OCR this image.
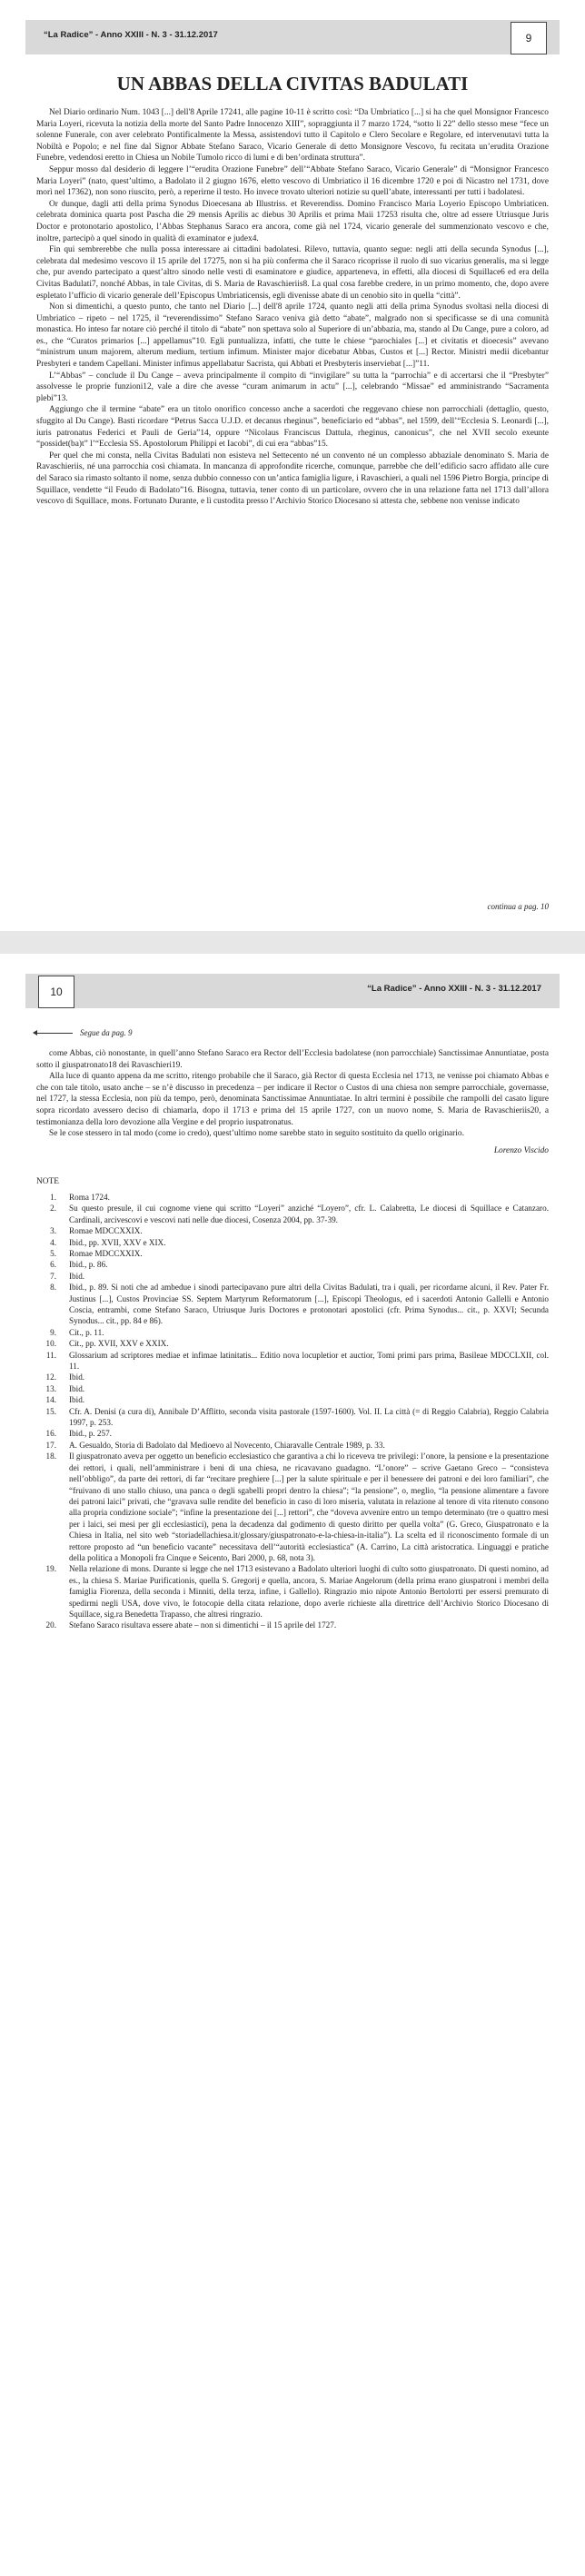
“La Radice” - Anno XXIII - N. 3 - 31.12.2017	9
UN ABBAS DELLA CIVITAS BADULATI

Nel Diario ordinario Num. 1043 [...] dell'8 Aprile 17241, alle pagine 10-11 è scritto così: “Da Umbriatico [...] si ha che quel Monsignor Francesco Maria Loyeri, ricevuta la notizia della morte del Santo Padre Innocenzo XIII”, sopraggiunta il 7 marzo 1724, “sotto li 22” dello stesso mese “fece un solenne Funerale, con aver celebrato Pontificalmente la Messa, assistendovi tutto il Capitolo e Clero Secolare e Regolare, ed intervenutavi tutta la Nobiltà e Popolo; e nel fine dal Signor Abbate Stefano Saraco, Vicario Generale di detto Monsignore Vescovo, fu recitata un’erudita Orazione Funebre, vedendosi eretto in Chiesa un Nobile Tumolo ricco di lumi e di ben’ordinata struttura”.

Seppur mosso dal desiderio di leggere l’“erudita Orazione Funebre” dell’“Abbate Stefano Saraco, Vicario Generale” di “Monsignor Francesco Maria Loyeri” (nato, quest’ultimo, a Badolato il 2 giugno 1676, eletto vescovo di Umbriatico il 16 dicembre 1720 e poi di Nicastro nel 1731, dove morì nel 17362), non sono riuscito, però, a reperirne il testo. Ho invece trovato ulteriori notizie su quell’abate, interessanti per tutti i badolatesi.

Or dunque, dagli atti della prima Synodus Dioecesana ab Illustriss. et Reverendiss. Domino Francisco Maria Loyerio Episcopo Umbriaticen. celebrata dominica quarta post Pascha die 29 mensis Aprilis ac diebus 30 Aprilis et prima Maii 17253 risulta che, oltre ad essere Utriusque Juris Doctor e protonotario apostolico, l’Abbas Stephanus Saraco era ancora, come già nel 1724, vicario generale del summenzionato vescovo e che, inoltre, partecipò a quel sinodo in qualità di examinator e judex4.

Fin qui sembrerebbe che nulla possa interessare ai cittadini badolatesi. Rilevo, tuttavia, quanto segue: negli atti della secunda Synodus [...], celebrata dal medesimo vescovo il 15 aprile del 17275, non si ha più conferma che il Saraco ricoprisse il ruolo di suo vicarius generalis, ma si legge che, pur avendo partecipato a quest’altro sinodo nelle vesti di esaminatore e giudice, apparteneva, in effetti, alla diocesi di Squillace6 ed era della Civitas Badulati7, nonché Abbas, in tale Civitas, di S. Maria de Ravaschieriis8. La qual cosa farebbe credere, in un primo momento, che, dopo avere espletato l’ufficio di vicario generale dell’Episcopus Umbriaticensis, egli divenisse abate di un cenobio sito in quella “città”.

Non si dimentichi, a questo punto, che tanto nel Diario [...] dell'8 aprile 1724, quanto negli atti della prima Synodus svoltasi nella diocesi di Umbriatico – ripeto – nel 1725, il “reverendissimo” Stefano Saraco veniva già detto “abate”, malgrado non si specificasse se di una comunità monastica. Ho inteso far notare ciò perché il titolo di “abate” non spettava solo al Superiore di un’abbazia, ma, stando al Du Cange, pure a coloro, ad es., che “Curatos primarios [...] appellamus”10. Egli puntualizza, infatti, che tutte le chiese “parochiales [...] et civitatis et dioecesis” avevano “ministrum unum majorem, alterum medium, tertium infimum. Minister major dicebatur Abbas, Custos et [...] Rector. Ministri medii dicebantur Presbyteri e tandem Capellani. Minister infimus appellabatur Sacrista, qui Abbati et Presbyteris inserviebat [...]”11.

L’“Abbas” – conclude il Du Cange – aveva principalmente il compito di “invigilare” su tutta la “parrochia” e di accertarsi che il “Presbyter” assolvesse le proprie funzioni12, vale a dire che avesse “curam animarum in actu” [...], celebrando “Missae” ed amministrando “Sacramenta plebi”13.

Aggiungo che il termine “abate” era un titolo onorifico concesso anche a sacerdoti che reggevano chiese non parrocchiali (dettaglio, questo, sfuggito al Du Cange). Basti ricordare “Petrus Sacca U.J.D. et decanus rheginus”, beneficiario ed “abbas”, nel 1599, dell’“Ecclesia S. Leonardi [...], iuris patronatus Federici et Pauli de Geria”14, oppure “Nicolaus Franciscus Dattula, rheginus, canonicus”, che nel XVII secolo exeunte “possidet(ba)t” l’“Ecclesia SS. Apostolorum Philippi et Iacobi”, di cui era “abbas”15.

Per quel che mi consta, nella Civitas Badulati non esisteva nel Settecento né un convento né un complesso abbaziale denominato S. Maria de Ravaschieriis, né una parrocchia così chiamata. In mancanza di approfondite ricerche, comunque, parrebbe che dell’edificio sacro affidato alle cure del Saraco sia rimasto soltanto il nome, senza dubbio connesso con un’antica famiglia ligure, i Ravaschieri, a quali nel 1596 Pietro Borgia, principe di Squillace, vendette “il Feudo di Badolato”16. Bisogna, tuttavia, tener conto di un particolare, ovvero che in una relazione fatta nel 1713 dall’allora vescovo di Squillace, mons. Fortunato Durante, e lì custodita presso l’Archivio Storico Diocesano si attesta che, sebbene non venisse indicato

continua a pag. 10
10	“La Radice” - Anno XXIII - N. 3 - 31.12.2017
Segue da pag. 9

come Abbas, ciò nonostante, in quell’anno Stefano Saraco era Rector dell’Ecclesia badolatese (non parrocchiale) Sanctissimae Annuntiatae, posta sotto il giuspatronato18 dei Ravaschieri19.

Alla luce di quanto appena da me scritto, ritengo probabile che il Saraco, già Rector di questa Ecclesia nel 1713, ne venisse poi chiamato Abbas e che con tale titolo, usato anche – se n’è discusso in precedenza – per indicare il Rector o Custos di una chiesa non sempre parrocchiale, governasse, nel 1727, la stessa Ecclesia, non più da tempo, però, denominata Sanctissimae Annuntiatae. In altri termini è possibile che rampolli del casato ligure sopra ricordato avessero deciso di chiamarla, dopo il 1713 e prima del 15 aprile 1727, con un nuovo nome, S. Maria de Ravaschieriis20, a testimonianza della loro devozione alla Vergine e del proprio iuspatronatus.

Se le cose stessero in tal modo (come io credo), quest’ultimo nome sarebbe stato in seguito sostituito da quello originario.

Lorenzo Viscido
NOTE
1. Roma 1724.
2. Su questo presule, il cui cognome viene qui scritto “Loyeri” anziché “Loyero”, cfr. L. Calabretta, Le diocesi di Squillace e Catanzaro. Cardinali, arcivescovi e vescovi nati nelle due diocesi, Cosenza 2004, pp. 37-39.
3. Romae MDCCXXIX.
4. Ibid., pp. XVII, XXV e XIX.
5. Romae MDCCXXIX.
6. Ibid., p. 86.
7. Ibid.
8. Ibid., p. 89. Si noti che ad ambedue i sinodi partecipavano pure altri della Civitas Badulati, tra i quali, per ricordarne alcuni, il Rev. Pater Fr. Justinus [...], Custos Provinciae SS. Septem Martyrum Reformatorum [...], Episcopi Theologus, ed i sacerdoti Antonio Gallelli e Antonio Coscia, entrambi, come Stefano Saraco, Utriusque Juris Doctores e protonotari apostolici (cfr. Prima Synodus... cit., p. XXVI; Secunda Synodus... cit., pp. 84 e 86).
9. Cit., p. 11.
10. Cit., pp. XVII, XXV e XXIX.
11. Glossarium ad scriptores mediae et infimae latinitatis... Editio nova locupletior et auctior, Tomi primi pars prima, Basileae MDCCLXII, col. 11.
12. Ibid.
13. Ibid.
14. Ibid.
15. Cfr. A. Denisi (a cura di), Annibale D’Afflitto, seconda visita pastorale (1597-1600). Vol. II. La città (= di Reggio Calabria), Reggio Calabria 1997, p. 253.
16. Ibid., p. 257.
17. A. Gesualdo, Storia di Badolato dal Medioevo al Novecento, Chiaravalle Centrale 1989, p. 33.
18. Il giuspatronato aveva per oggetto un beneficio ecclesiastico che garantiva a chi lo riceveva tre privilegi: l’onore, la pensione e la presentazione dei rettori, i quali, nell’amministrare i beni di una chiesa, ne ricavavano guadagno. “L’onore” – scrive Gaetano Greco – “consisteva nell’obbligo”, da parte dei rettori, di far “recitare preghiere [...] per la salute spirituale e per il benessere dei patroni e dei loro familiari”, che “fruivano di uno stallo chiuso, una panca o degli sgabelli propri dentro la chiesa”; “la pensione”, o, meglio, “la pensione alimentare a favore dei patroni laici” privati, che “gravava sulle rendite del beneficio in caso di loro miseria, valutata in relazione al tenore di vita ritenuto consono alla propria condizione sociale”; “infine la presentazione dei [...] rettori”, che “doveva avvenire entro un tempo determinato (tre o quattro mesi per i laici, sei mesi per gli ecclesiastici), pena la decadenza dal godimento di questo diritto per quella volta” (G. Greco, Giuspatronato e la Chiesa in Italia, nel sito web “storiadellachiesa.it/glossary/giuspatronato-e-la-chiesa-in-italia”). La scelta ed il riconoscimento formale di un rettore proposto ad “un beneficio vacante” necessitava dell’“autorità ecclesiastica” (A. Carrino, La città aristocratica. Linguaggi e pratiche della politica a Monopoli fra Cinque e Seicento, Bari 2000, p. 68, nota 3).
19. Nella relazione di mons. Durante si legge che nel 1713 esistevano a Badolato ulteriori luoghi di culto sotto giuspatronato. Di questi nomino, ad es., la chiesa S. Mariae Purificationis, quella S. Gregorij e quella, ancora, S. Mariae Angelorum (della prima erano giuspatroni i membri della famiglia Fiorenza, della seconda i Minniti, della terza, infine, i Gallello). Ringrazio mio nipote Antonio Bertoloтti per essersi premurato di spedirmi negli USA, dove vivo, le fotocopie della citata relazione, dopo averle richieste alla direttrice dell’Archivio Storico Diocesano di Squillace, sig.ra Benedetta Trapasso, che altresì ringrazio.
20. Stefano Saraco risultava essere abate – non si dimentichi – il 15 aprile del 1727.
